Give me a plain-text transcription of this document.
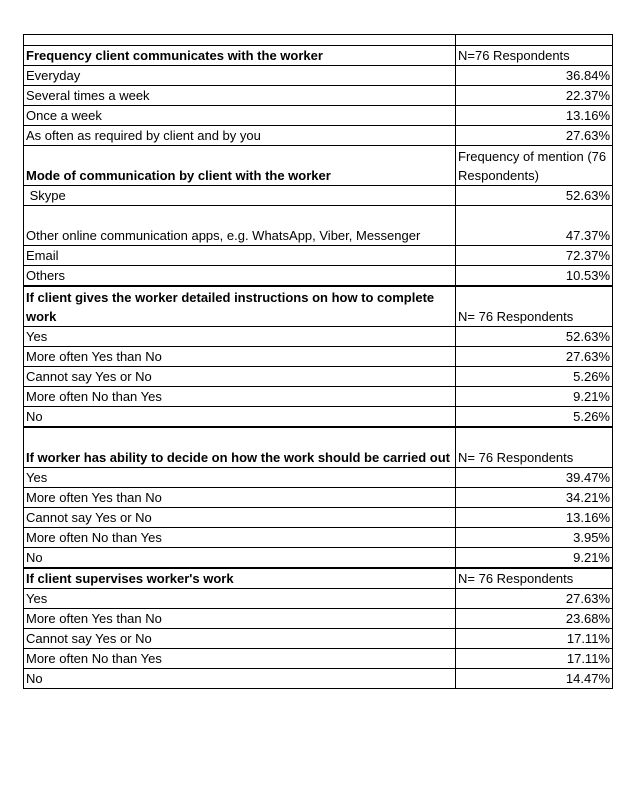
Frequency client communicates with the worker	N=76 Respondents
Everyday	36.84%
Several times a week	22.37%
Once a week	13.16%
As often as required by client and by you	27.63%
Mode of communication by client with the worker	Frequency of mention (76 Respondents)
Skype	52.63%
Other online communication apps, e.g. WhatsApp, Viber, Messenger	47.37%
Email	72.37%
Others	10.53%
If client gives the worker detailed instructions on how to complete work	N= 76 Respondents
Yes	52.63%
More often Yes than No	27.63%
Cannot say Yes or No	5.26%
More often No than Yes	9.21%
No	5.26%
If worker has ability to decide on how the work should be carried out	N= 76 Respondents
Yes	39.47%
More often Yes than No	34.21%
Cannot say Yes or No	13.16%
More often No than Yes	3.95%
No	9.21%
If client supervises worker's work	N= 76 Respondents
Yes	27.63%
More often Yes than No	23.68%
Cannot say Yes or No	17.11%
More often No than Yes	17.11%
No	14.47%
